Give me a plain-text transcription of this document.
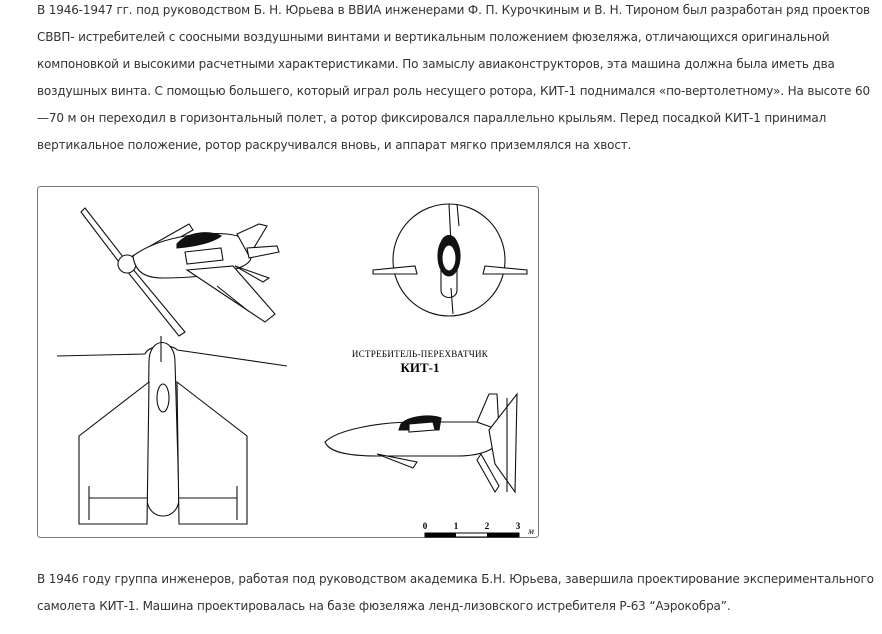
В 1946-1947 гг. под руководством Б. Н. Юрьева в ВВИА инженерами Ф. П. Курочкиным и В. Н. Тироном был разработан ряд проектов СВВП- истребителей с соосными воздушными винтами и вертикальным положением фюзеляжа, отличающихся оригинальной компоновкой и высокими расчетными характеристиками. По замыслу авиаконструкторов, эта машина должна была иметь два воздушных винта. С помощью большего, который играл роль несущего ротора, КИТ-1 поднимался «по-вертолетному». На высоте 60—70 м он переходил в горизонтальный полет, а ротор фиксировался параллельно крыльям. Перед посадкой КИТ-1 принимал вертикальное положение, ротор раскручивался вновь, и аппарат мягко приземлялся на хвост.

ИСТРЕБИТЕЛЬ-ПЕРЕХВАТЧИК
КИТ-1
0	1	2	3 м

В 1946 году группа инженеров, работая под руководством академика Б.Н. Юрьева, завершила проектирование экспериментального самолета КИТ-1. Машина проектировалась на базе фюзеляжа ленд-лизовского истребителя Р-63 “Аэрокобра”.
